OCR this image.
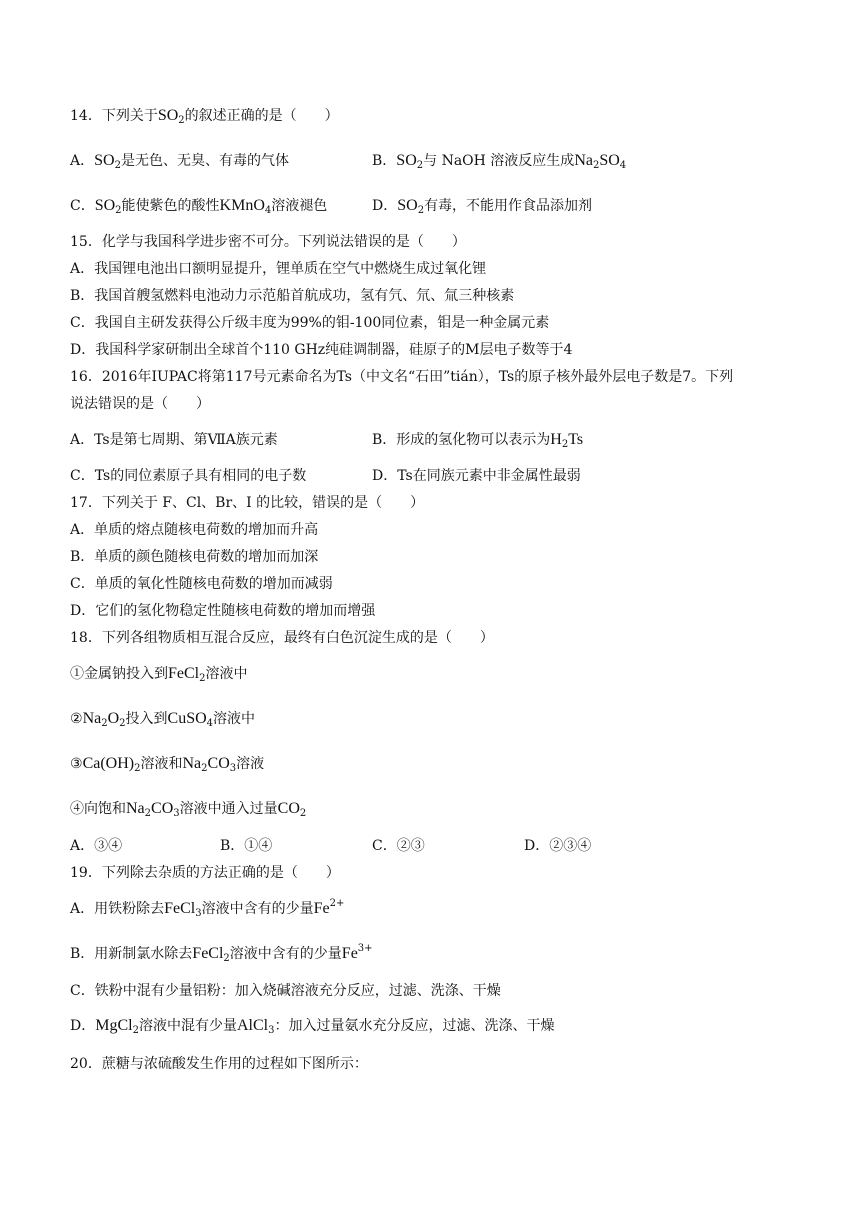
14．下列关于$SO_2$的叙述正确的是（　　）
A．$SO_2$是无色、无臭、有毒的气体	B．$SO_2$与 NaOH 溶液反应生成$Na_2SO_4$
C．$SO_2$能使紫色的酸性KMnO$_4$溶液褪色	D．$SO_2$有毒，不能用作食品添加剂
15．化学与我国科学进步密不可分。下列说法错误的是（　　）
A．我国锂电池出口额明显提升，锂单质在空气中燃烧生成过氧化锂
B．我国首艘氢燃料电池动力示范船首航成功，氢有氕、氘、氚三种核素
C．我国自主研发获得公斤级丰度为99%的钼-100同位素，钼是一种金属元素
D．我国科学家研制出全球首个110 GHz纯硅调制器，硅原子的M层电子数等于4
16．2016年IUPAC将第117号元素命名为Ts（中文名“石田”tián），Ts的原子核外最外层电子数是7。下列
说法错误的是（　　）
A．Ts是第七周期、第ⅦA族元素	B．形成的氢化物可以表示为$H_2Ts$
C．Ts的同位素原子具有相同的电子数	D．Ts在同族元素中非金属性最弱
17．下列关于 F、Cl、Br、I 的比较，错误的是（　　）
A．单质的熔点随核电荷数的增加而升高
B．单质的颜色随核电荷数的增加而加深
C．单质的氧化性随核电荷数的增加而减弱
D．它们的氢化物稳定性随核电荷数的增加而增强
18．下列各组物质相互混合反应，最终有白色沉淀生成的是（　　）
①金属钠投入到FeCl$_2$溶液中
$②Na_2O_2$投入到CuSO$_4$溶液中
$③Ca(OH)_2$溶液和$Na_2CO_3$溶液
④向饱和$Na_2CO_3$溶液中通入过量$CO_2$
A．③④	B．①④	C．②③	D．②③④
19．下列除去杂质的方法正确的是（　　）
A．用铁粉除去FeCl$_3$溶液中含有的少量$Fe^{2+}$
B．用新制氯水除去FeCl$_2$溶液中含有的少量$Fe^{3+}$
C．铁粉中混有少量铝粉：加入烧碱溶液充分反应，过滤、洗涤、干燥
D．MgCl$_2$溶液中混有少量AlCl$_3$：加入过量氨水充分反应，过滤、洗涤、干燥
20．蔗糖与浓硫酸发生作用的过程如下图所示：
